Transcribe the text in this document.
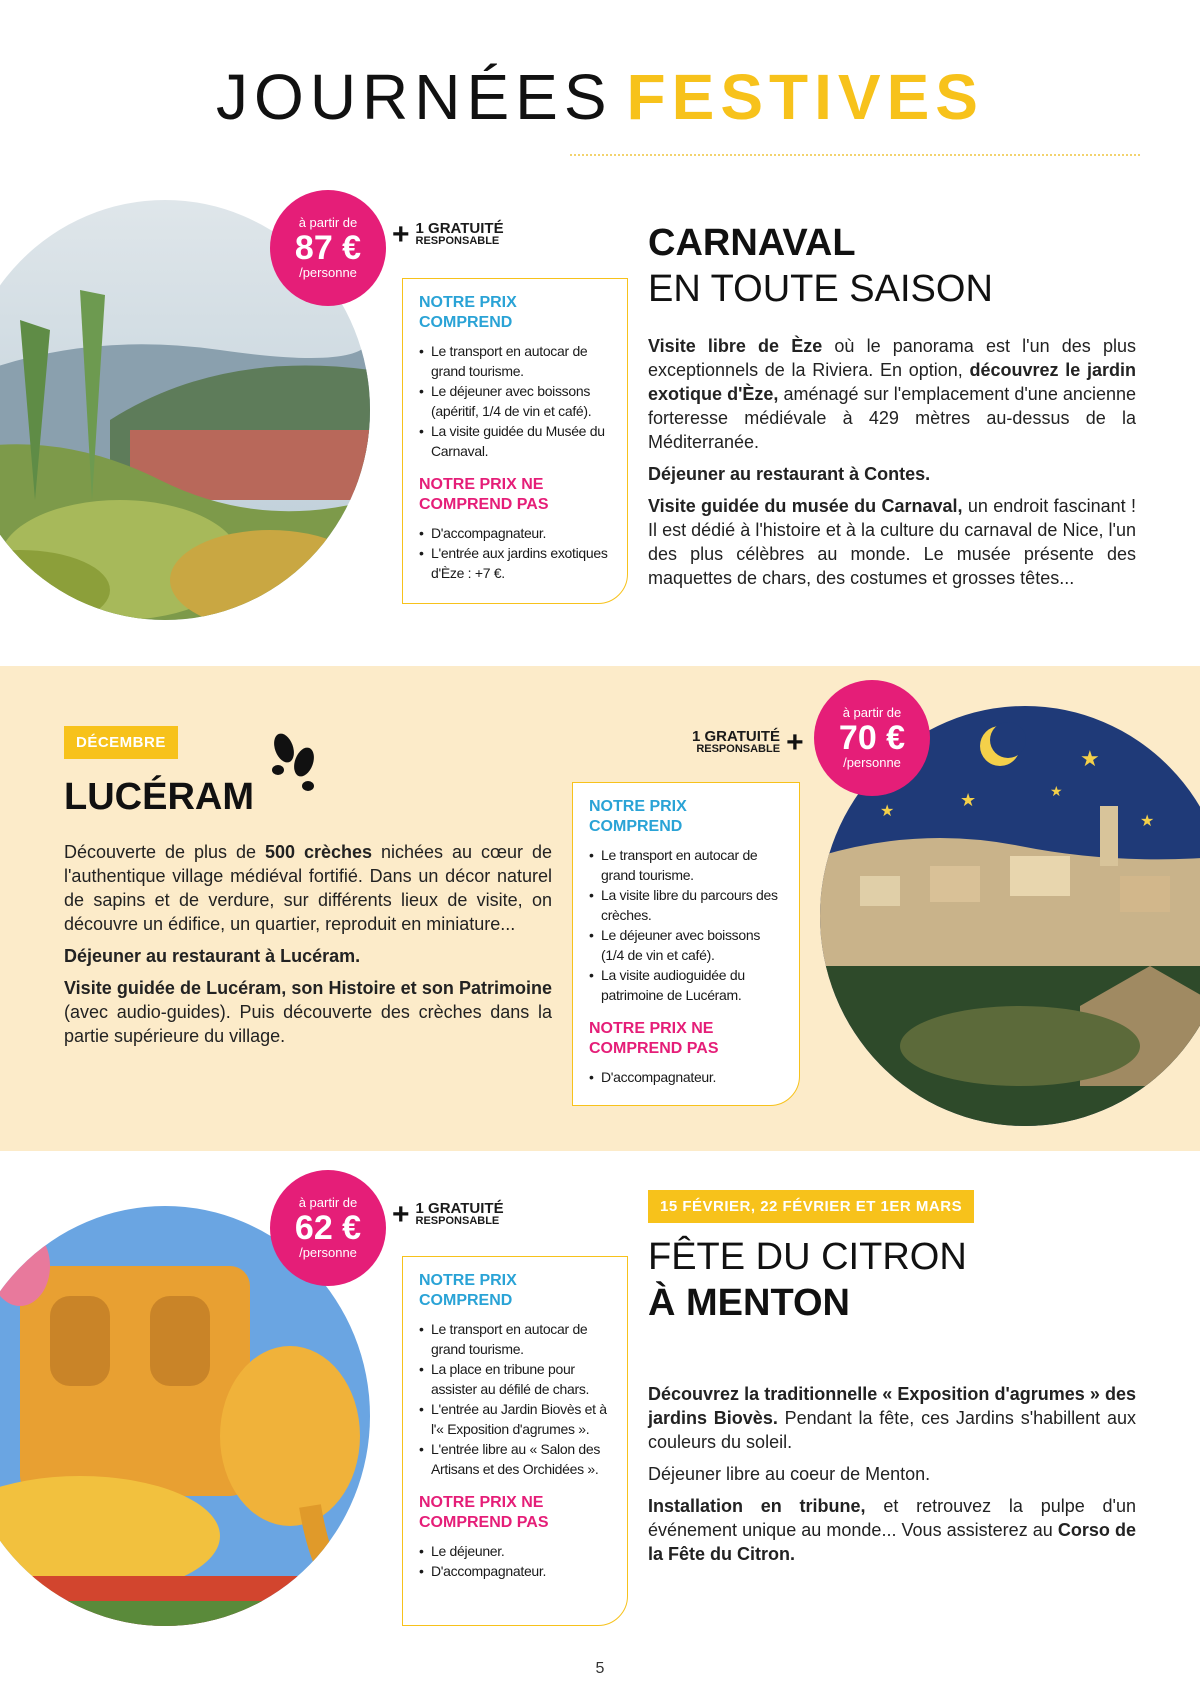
JOURNÉES FESTIVES
à partir de
87 €
/personne
+ 1 GRATUITÉ
RESPONSABLE
NOTRE PRIX COMPREND
• Le transport en autocar de grand tourisme.
• Le déjeuner avec boissons (apéritif, 1/4 de vin et café).
• La visite guidée du Musée du Carnaval.
NOTRE PRIX NE COMPREND PAS
• D'accompagnateur.
• L'entrée aux jardins exotiques d'Èze : +7 €.
CARNAVAL
EN TOUTE SAISON

Visite libre de Èze où le panorama est l'un des plus exceptionnels de la Riviera. En option, découvrez le jardin exotique d'Èze, aménagé sur l'emplacement d'une ancienne forteresse médiévale à 429 mètres au-dessus de la Méditerranée.

Déjeuner au restaurant à Contes.

Visite guidée du musée du Carnaval, un endroit fascinant ! Il est dédié à l'histoire et à la culture du carnaval de Nice, l'un des plus célèbres au monde. Le musée présente des maquettes de chars, des costumes et grosses têtes...

DÉCEMBRE
LUCÉRAM

Découverte de plus de 500 crèches nichées au cœur de l'authentique village médiéval fortifié. Dans un décor naturel de sapins et de verdure, sur différents lieux de visite, on découvre un édifice, un quartier, reproduit en miniature...

Déjeuner au restaurant à Lucéram.

Visite guidée de Lucéram, son Histoire et son Patrimoine (avec audio-guides). Puis découverte des crèches dans la partie supérieure du village.

1 GRATUITÉ
RESPONSABLE +
NOTRE PRIX COMPREND
• Le transport en autocar de grand tourisme.
• La visite libre du parcours des crèches.
• Le déjeuner avec boissons (1/4 de vin et café).
• La visite audioguidée du patrimoine de Lucéram.
NOTRE PRIX NE COMPREND PAS
• D'accompagnateur.
★
★
★
★
★
à partir de
70 €
/personne
à partir de
62 €
/personne
+ 1 GRATUITÉ
RESPONSABLE
NOTRE PRIX COMPREND
• Le transport en autocar de grand tourisme.
• La place en tribune pour assister au défilé de chars.
• L'entrée au Jardin Biovès et à l'« Exposition d'agrumes ».
• L'entrée libre au « Salon des Artisans et des Orchidées ».
NOTRE PRIX NE COMPREND PAS
• Le déjeuner.
• D'accompagnateur.
15 FÉVRIER, 22 FÉVRIER ET 1ER MARS
FÊTE DU CITRON
À MENTON

Découvrez la traditionnelle « Exposition d'agrumes » des jardins Biovès. Pendant la fête, ces Jardins s'habillent aux couleurs du soleil.

Déjeuner libre au coeur de Menton.

Installation en tribune, et retrouvez la pulpe d'un événement unique au monde... Vous assisterez au Corso de la Fête du Citron.

5
